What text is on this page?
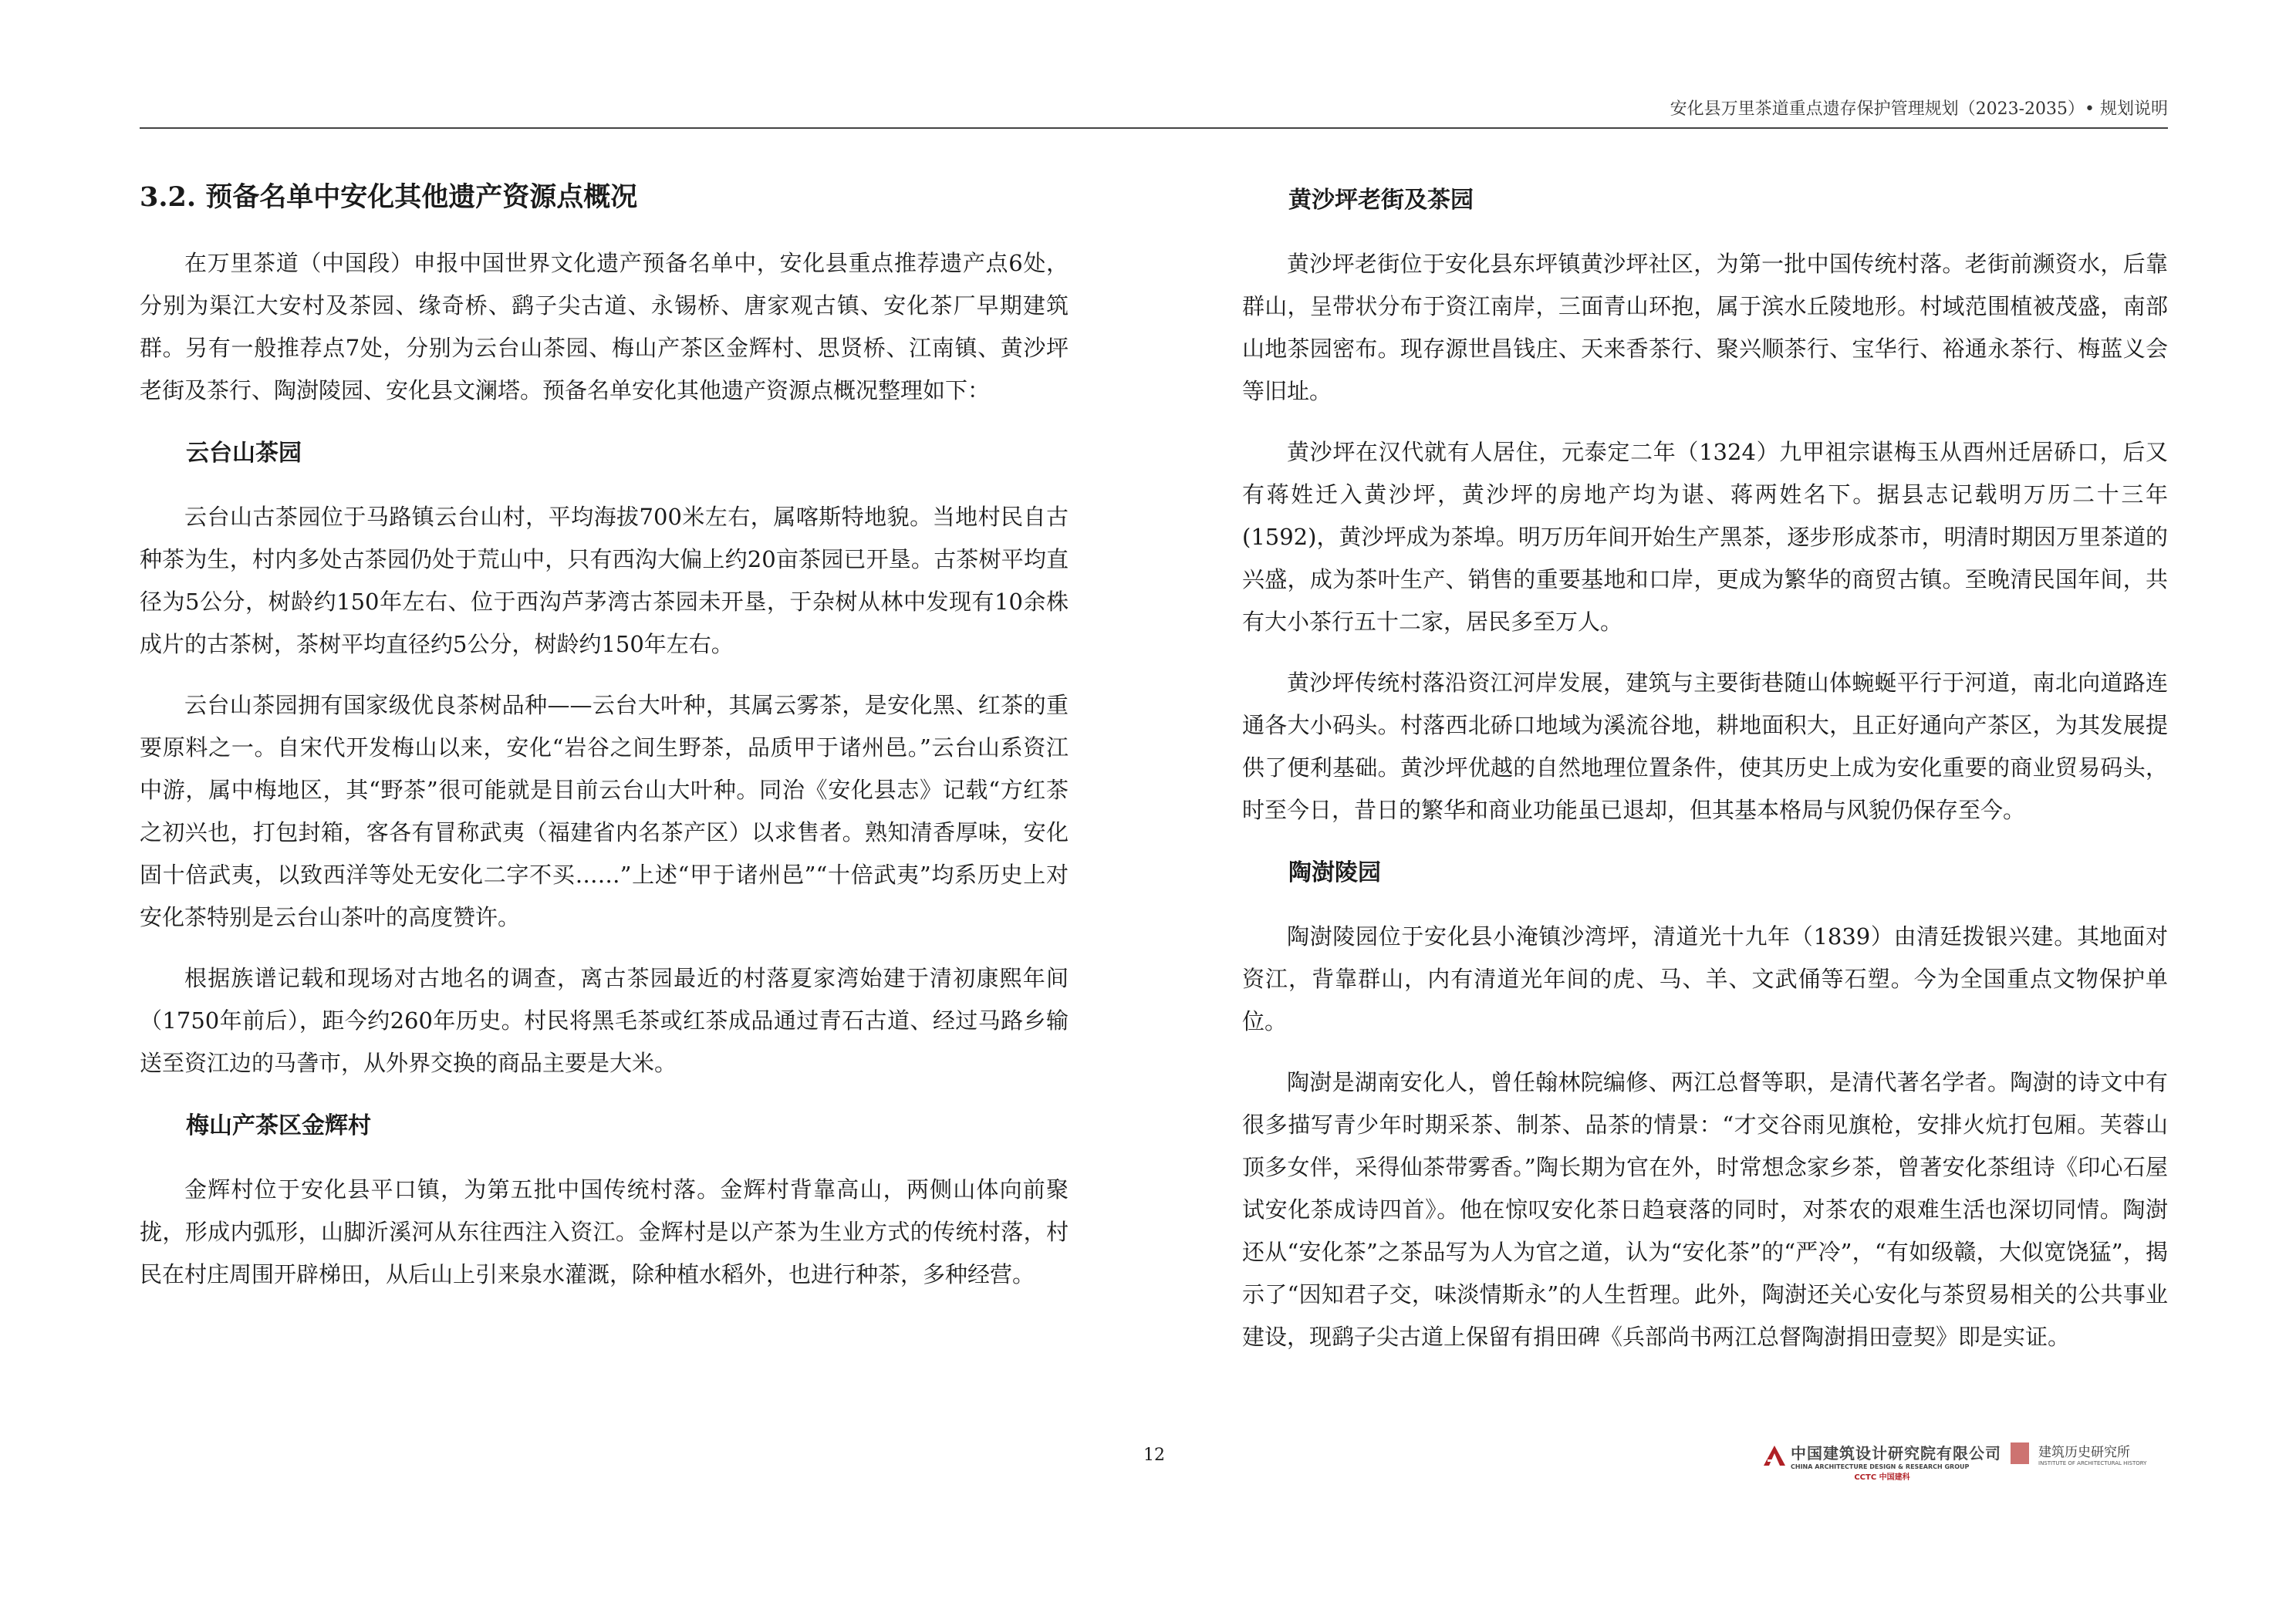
安化县万里茶道重点遗存保护管理规划（2023-2035）• 规划说明
3.2. 预备名单中安化其他遗产资源点概况

在万里茶道（中国段）申报中国世界文化遗产预备名单中，安化县重点推荐遗产点6处，分别为渠江大安村及茶园、缘奇桥、鹞子尖古道、永锡桥、唐家观古镇、安化茶厂早期建筑群。另有一般推荐点7处，分别为云台山茶园、梅山产茶区金辉村、思贤桥、江南镇、黄沙坪老街及茶行、陶澍陵园、安化县文澜塔。预备名单安化其他遗产资源点概况整理如下：

云台山茶园

云台山古茶园位于马路镇云台山村，平均海拔700米左右，属喀斯特地貌。当地村民自古种茶为生，村内多处古茶园仍处于荒山中，只有西沟大偏上约20亩茶园已开垦。古茶树平均直径为5公分，树龄约150年左右、位于西沟芦茅湾古茶园未开垦，于杂树从林中发现有10余株成片的古茶树，茶树平均直径约5公分，树龄约150年左右。

云台山茶园拥有国家级优良茶树品种——云台大叶种，其属云雾茶，是安化黑、红茶的重要原料之一。自宋代开发梅山以来，安化“岩谷之间生野茶，品质甲于诸州邑。”云台山系资江中游，属中梅地区，其“野茶”很可能就是目前云台山大叶种。同治《安化县志》记载“方红茶之初兴也，打包封箱，客各有冒称武夷（福建省内名茶产区）以求售者。熟知清香厚味，安化固十倍武夷，以致西洋等处无安化二字不买……”上述“甲于诸州邑”“十倍武夷”均系历史上对安化茶特别是云台山茶叶的高度赞许。

根据族谱记载和现场对古地名的调查，离古茶园最近的村落夏家湾始建于清初康熙年间（1750年前后），距今约260年历史。村民将黑毛茶或红茶成品通过青石古道、经过马路乡输送至资江边的马詟市，从外界交换的商品主要是大米。

梅山产茶区金辉村

金辉村位于安化县平口镇，为第五批中国传统村落。金辉村背靠高山，两侧山体向前聚拢，形成内弧形，山脚沂溪河从东往西注入资江。金辉村是以产茶为生业方式的传统村落，村民在村庄周围开辟梯田，从后山上引来泉水灌溉，除种植水稻外，也进行种茶，多种经营。

黄沙坪老街及茶园

黄沙坪老街位于安化县东坪镇黄沙坪社区，为第一批中国传统村落。老街前濒资水，后靠群山，呈带状分布于资江南岸，三面青山环抱，属于滨水丘陵地形。村域范围植被茂盛，南部山地茶园密布。现存源世昌钱庄、天来香茶行、聚兴顺茶行、宝华行、裕通永茶行、梅蓝义会等旧址。

黄沙坪在汉代就有人居住，元泰定二年（1324）九甲祖宗谌梅玉从酉州迁居硚口，后又有蒋姓迁入黄沙坪，黄沙坪的房地产均为谌、蒋两姓名下。据县志记载明万历二十三年(1592)，黄沙坪成为茶埠。明万历年间开始生产黑茶，逐步形成茶市，明清时期因万里茶道的兴盛，成为茶叶生产、销售的重要基地和口岸，更成为繁华的商贸古镇。至晚清民国年间，共有大小茶行五十二家，居民多至万人。

黄沙坪传统村落沿资江河岸发展，建筑与主要街巷随山体蜿蜒平行于河道，南北向道路连通各大小码头。村落西北硚口地域为溪流谷地，耕地面积大，且正好通向产茶区，为其发展提供了便利基础。黄沙坪优越的自然地理位置条件，使其历史上成为安化重要的商业贸易码头，时至今日，昔日的繁华和商业功能虽已退却，但其基本格局与风貌仍保存至今。

陶澍陵园

陶澍陵园位于安化县小淹镇沙湾坪，清道光十九年（1839）由清廷拨银兴建。其地面对资江，背靠群山，内有清道光年间的虎、马、羊、文武俑等石塑。今为全国重点文物保护单位。

陶澍是湖南安化人，曾任翰林院编修、两江总督等职，是清代著名学者。陶澍的诗文中有很多描写青少年时期采茶、制茶、品茶的情景：“才交谷雨见旗枪，安排火炕打包厢。芙蓉山顶多女伴，采得仙茶带雾香。”陶长期为官在外，时常想念家乡茶，曾著安化茶组诗《印心石屋试安化茶成诗四首》。他在惊叹安化茶日趋衰落的同时，对茶农的艰难生活也深切同情。陶澍还从“安化茶”之茶品写为人为官之道，认为“安化茶”的“严冷”，“有如级赣，大似宽饶猛”，揭示了“因知君子交，味淡情斯永”的人生哲理。此外，陶澍还关心安化与茶贸易相关的公共事业建设，现鹞子尖古道上保留有捐田碑《兵部尚书两江总督陶澍捐田壹契》即是实证。

12	中国建筑设计研究院有限公司
CHINA ARCHITECTURE DESIGN & RESEARCH GROUP
CCTC 中国建科
建筑历史研究所
INSTITUTE OF ARCHITECTURAL HISTORY
